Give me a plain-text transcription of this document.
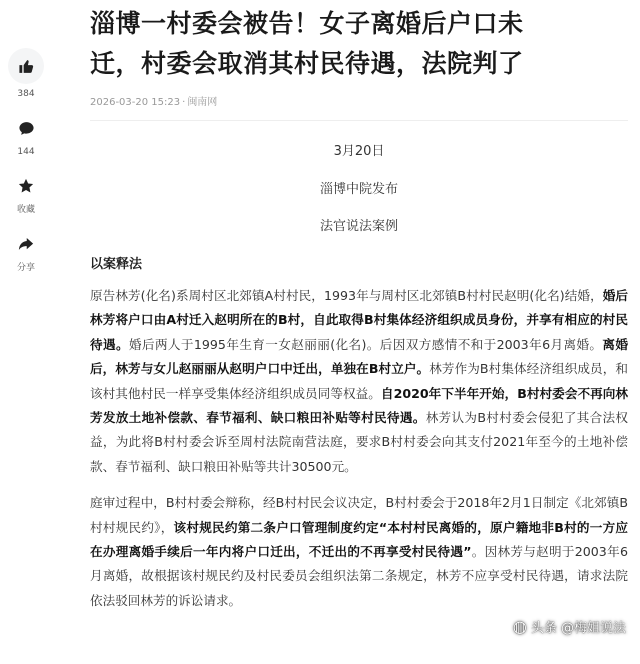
384
144
收藏
分享
淄博一村委会被告！女子离婚后户口未
迁，村委会取消其村民待遇，法院判了
2026-03-20 15:23 · 闽南网

3月20日

淄博中院发布

法官说法案例

以案释法

原告林芳(化名)系周村区北郊镇A村村民，1993年与周村区北郊镇B村村民赵明(化名)结婚，婚后林芳将户口由A村迁入赵明所在的B村，自此取得B村集体经济组织成员身份，并享有相应的村民待遇。婚后两人于1995年生育一女赵丽丽(化名)。后因双方感情不和于2003年6月离婚。离婚后，林芳与女儿赵丽丽从赵明户口中迁出，单独在B村立户。林芳作为B村集体经济组织成员，和该村其他村民一样享受集体经济组织成员同等权益。自2020年下半年开始，B村村委会不再向林芳发放土地补偿款、春节福利、缺口粮田补贴等村民待遇。林芳认为B村村委会侵犯了其合法权益，为此将B村村委会诉至周村法院南营法庭，要求B村村委会向其支付2021年至今的土地补偿款、春节福利、缺口粮田补贴等共计30500元。

庭审过程中，B村村委会辩称，经B村村民会议决定，B村村委会于2018年2月1日制定《北郊镇B村村规民约》，该村规民约第二条户口管理制度约定“本村村民离婚的，原户籍地非B村的一方应在办理离婚手续后一年内将户口迁出，不迁出的不再享受村民待遇”。因林芳与赵明于2003年6月离婚，故根据该村规民约及村民委员会组织法第二条规定，林芳不应享受村民待遇，请求法院依法驳回林芳的诉讼请求。

◍ 头条 @梅姐说法
